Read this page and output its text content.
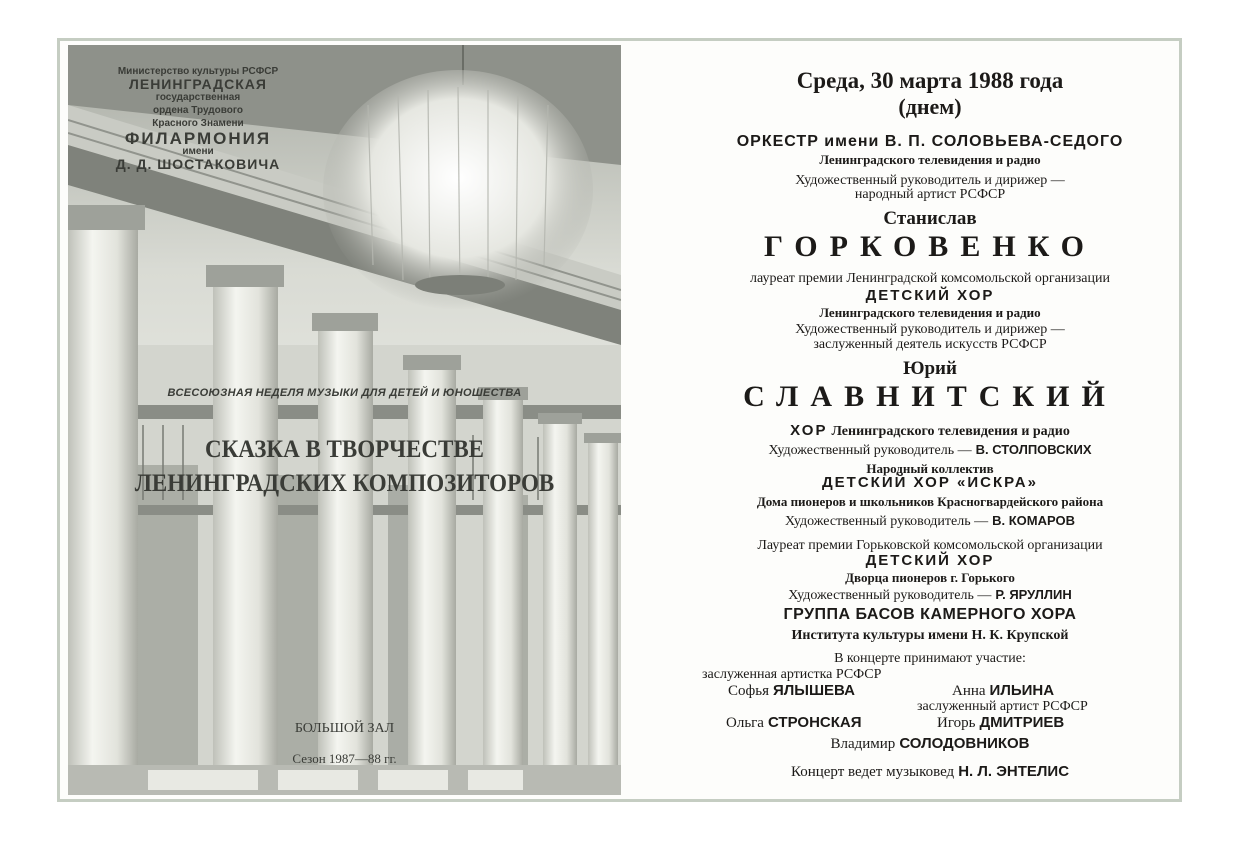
Министерство культуры РСФСР
ЛЕНИНГРАДСКАЯ
государственная
ордена Трудового
Красного Знамени
ФИЛАРМОНИЯ
имени
Д. Д. ШОСТАКОВИЧА
ВСЕСОЮЗНАЯ НЕДЕЛЯ МУЗЫКИ ДЛЯ ДЕТЕЙ И ЮНОШЕСТВА
СКАЗКА В ТВОРЧЕСТВЕ
ЛЕНИНГРАДСКИХ КОМПОЗИТОРОВ
БОЛЬШОЙ ЗАЛ
Сезон 1987—88 гг.
Среда, 30 марта 1988 года
(днем)
ОРКЕСТР имени В. П. СОЛОВЬЕВА-СЕДОГО
Ленинградского телевидения и радио
Художественный руководитель и дирижер —
народный артист РСФСР
Станислав
ГОРКОВЕНКО
лауреат премии Ленинградской комсомольской организации
ДЕТСКИЙ ХОР
Ленинградского телевидения и радио
Художественный руководитель и дирижер —
заслуженный деятель искусств РСФСР
Юрий
СЛАВНИТСКИЙ
ХОР Ленинградского телевидения и радио
Художественный руководитель — В. СТОЛПОВСКИХ
Народный коллектив
ДЕТСКИЙ ХОР «ИСКРА»
Дома пионеров и школьников Красногвардейского района
Художественный руководитель — В. КОМАРОВ
Лауреат премии Горьковской комсомольской организации
ДЕТСКИЙ ХОР
Дворца пионеров г. Горького
Художественный руководитель — Р. ЯРУЛЛИН
ГРУППА БАСОВ КАМЕРНОГО ХОРА
Института культуры имени Н. К. Крупской
В концерте принимают участие:
заслуженная артистка РСФСР
Софья ЯЛЫШЕВА	Анна ИЛЬИНА
заслуженный артист РСФСР
Ольга СТРОНСКАЯ	Игорь ДМИТРИЕВ
Владимир СОЛОДОВНИКОВ
Концерт ведет музыковед Н. Л. ЭНТЕЛИС
